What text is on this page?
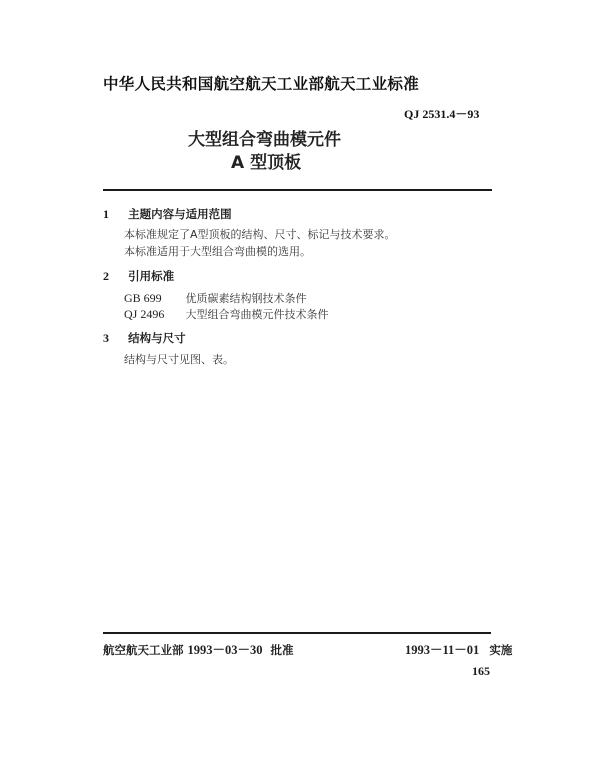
中华人民共和国航空航天工业部航天工业标准
QJ 2531.4－93
大型组合弯曲模元件
A 型顶板
1 主题内容与适用范围
本标准规定了A型顶板的结构、尺寸、标记与技术要求。
本标准适用于大型组合弯曲模的选用。
2 引用标准
GB 699 优质碳素结构钢技术条件
QJ 2496 大型组合弯曲模元件技术条件
3 结构与尺寸
结构与尺寸见图、表。
航空航天工业部 1993－03－30 批准	1993－11－01 实施
165
